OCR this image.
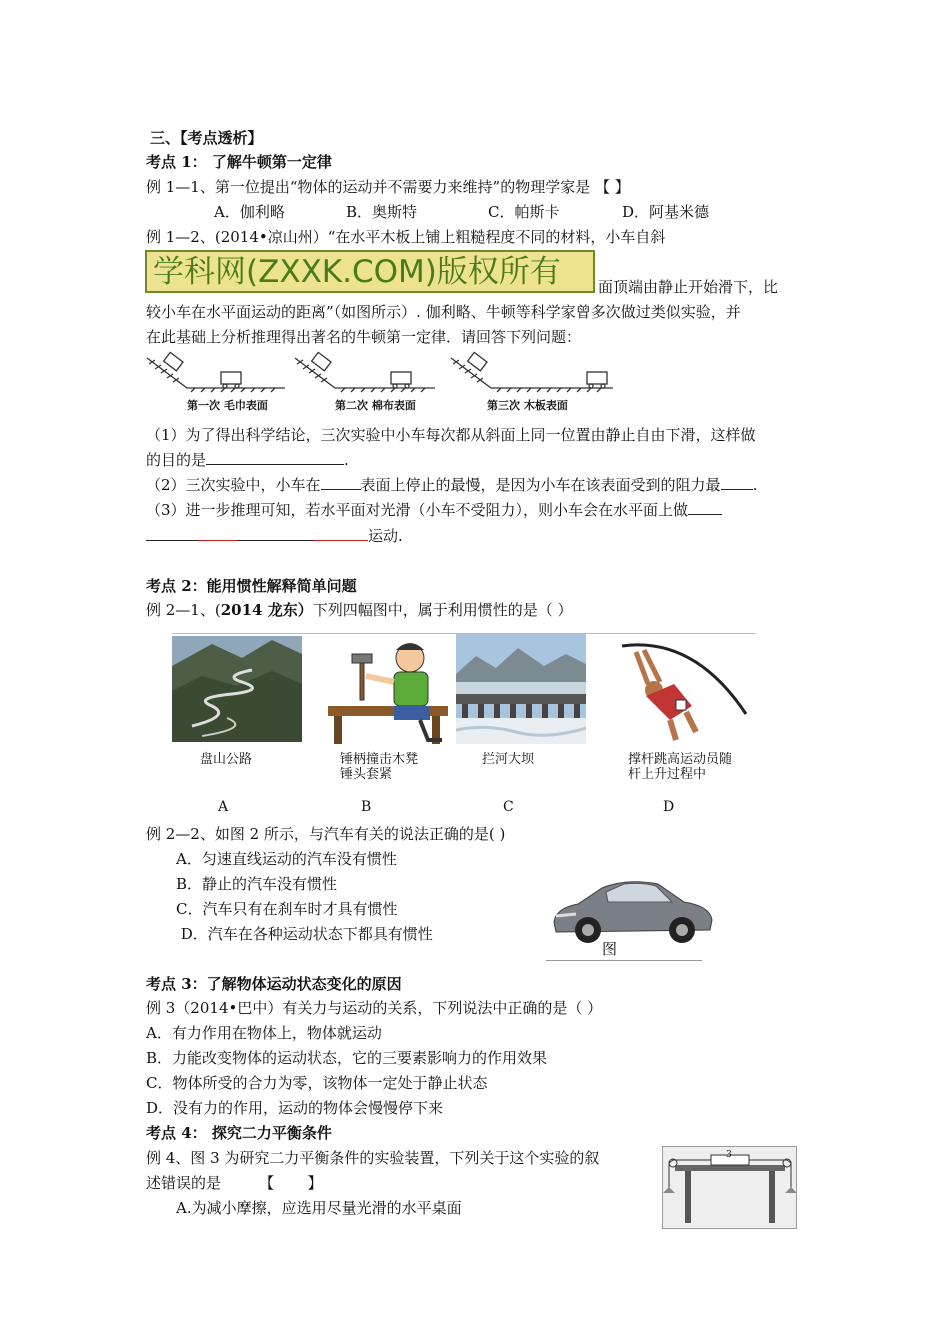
三、【考点透析】
考点 1： 了解牛顿第一定律
例 1—1、第一位提出“物体的运动并不需要力来维持”的物理学家是 【 】
A．伽利略	B．奥斯特	C．帕斯卡	D．阿基米德
例 1—2、(2014•凉山州）“在水平木板上铺上粗糙程度不同的材料，小车自斜
学科网(ZXXK.COM)版权所有 面顶端由静止开始滑下，比
较小车在水平面运动的距离”（如图所示）. 伽利略、牛顿等科学家曾多次做过类似实验，并
在此基础上分析推理得出著名的牛顿第一定律．请回答下列问题：
第一次 毛巾表面	第二次 棉布表面	第三次 木板表面
（1）为了得出科学结论，三次实验中小车每次都从斜面上同一位置由静止自由下滑，这样做
的目的是	.
（2）三次实验中，小车在	表面上停止的最慢，是因为小车在该表面受到的阻力最 .
（3）进一步推理可知，若水平面对光滑（小车不受阻力），则小车会在水平面上做
运动.
考点 2：能用惯性解释简单问题
例 2—1、(2014 龙东）下列四幅图中，属于利用惯性的是（ ）
盘山公路	锤柄撞击木凳
锤头套紧
拦河大坝	撑杆跳高运动员随
杆上升过程中
A	B	C	D
例 2—2、如图 2 所示，与汽车有关的说法正确的是( )
A．匀速直线运动的汽车没有惯性
B．静止的汽车没有惯性
C．汽车只有在刹车时才具有惯性
D．汽车在各种运动状态下都具有惯性
图
考点 3：了解物体运动状态变化的原因
例 3（2014•巴中）有关力与运动的关系，下列说法中正确的是（ ）
A．有力作用在物体上，物体就运动
B．力能改变物体的运动状态，它的三要素影响力的作用效果
C．物体所受的合力为零，该物体一定处于静止状态
D．没有力的作用，运动的物体会慢慢停下来
考点 4： 探究二力平衡条件
例 4、图 3 为研究二力平衡条件的实验装置，下列关于这个实验的叙
述错误的是        【       】
A.为减小摩擦，应选用尽量光滑的水平桌面
3
